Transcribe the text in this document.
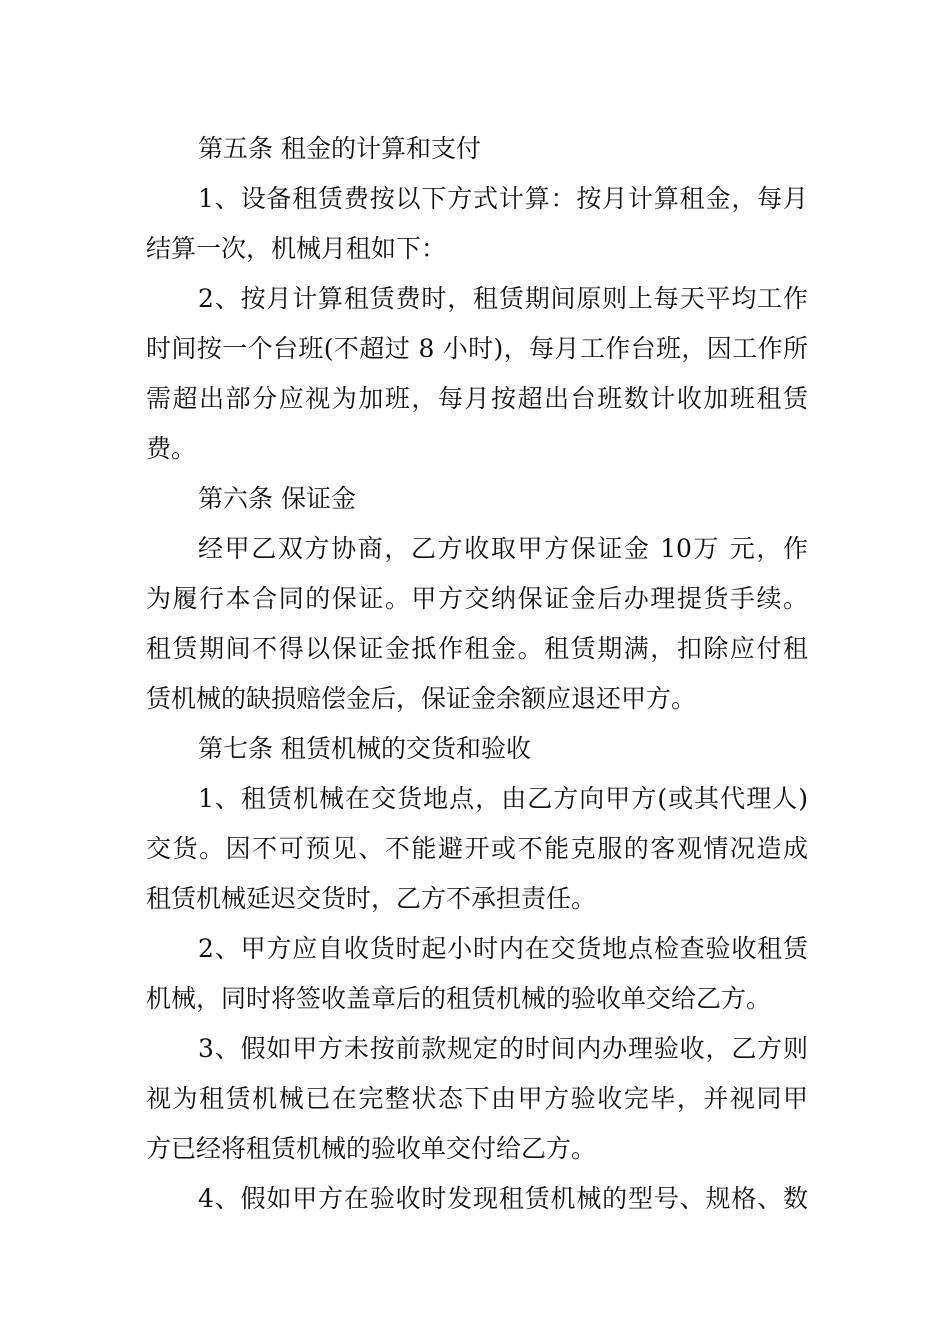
第五条 租金的计算和支付
1、设备租赁费按以下方式计算：按月计算租金，每月
结算一次，机械月租如下：
2、按月计算租赁费时，租赁期间原则上每天平均工作
时间按一个台班(不超过 8 小时)，每月工作台班，因工作所
需超出部分应视为加班，每月按超出台班数计收加班租赁
费。
第六条 保证金
经甲乙双方协商，乙方收取甲方保证金 10万 元，作
为履行本合同的保证。甲方交纳保证金后办理提货手续。
租赁期间不得以保证金抵作租金。租赁期满，扣除应付租
赁机械的缺损赔偿金后，保证金余额应退还甲方。
第七条 租赁机械的交货和验收
1、租赁机械在交货地点，由乙方向甲方(或其代理人)
交货。因不可预见、不能避开或不能克服的客观情况造成
租赁机械延迟交货时，乙方不承担责任。
2、甲方应自收货时起小时内在交货地点检查验收租赁
机械，同时将签收盖章后的租赁机械的验收单交给乙方。
3、假如甲方未按前款规定的时间内办理验收，乙方则
视为租赁机械已在完整状态下由甲方验收完毕，并视同甲
方已经将租赁机械的验收单交付给乙方。
4、假如甲方在验收时发现租赁机械的型号、规格、数
